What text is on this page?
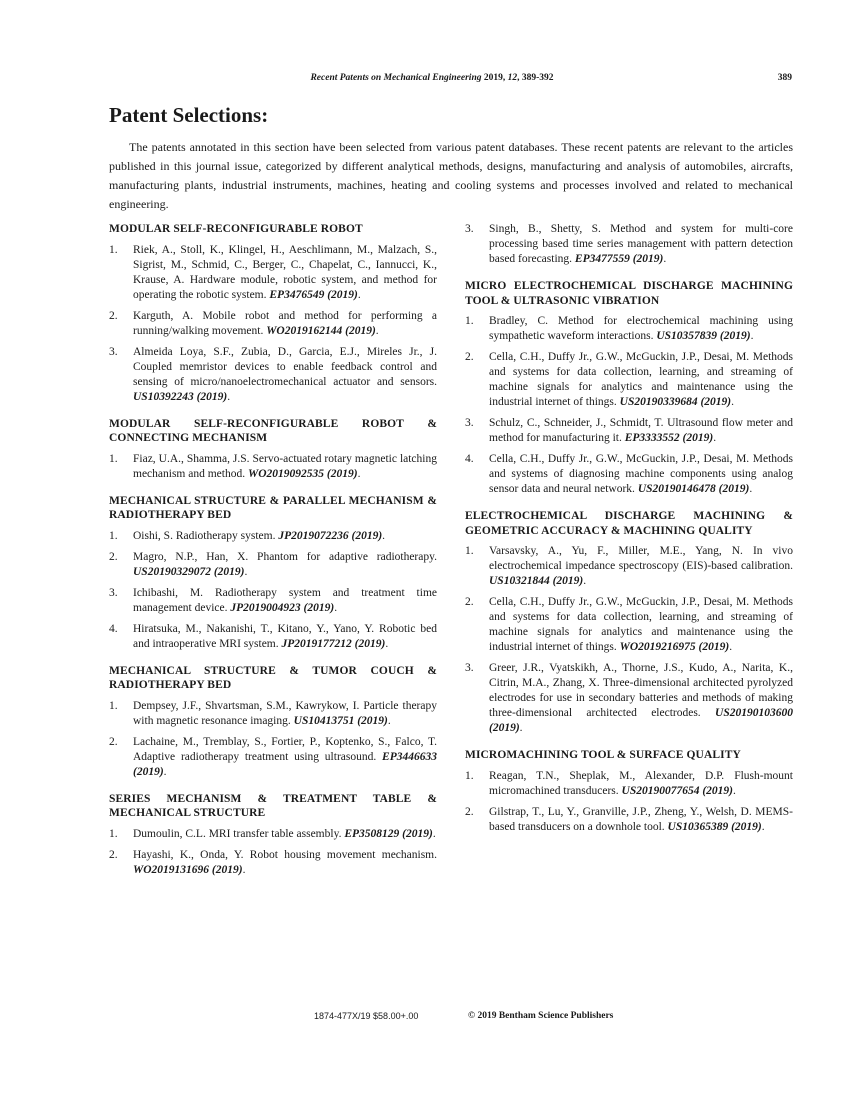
Recent Patents on Mechanical Engineering 2019, 12, 389-392	389
Patent Selections:

The patents annotated in this section have been selected from various patent databases. These recent patents are relevant to the articles published in this journal issue, categorized by different analytical methods, designs, manufacturing and analysis of automobiles, aircrafts, manufacturing plants, industrial instruments, machines, heating and cooling systems and processes involved and related to mechanical engineering.

MODULAR SELF-RECONFIGURABLE ROBOT
1.	Riek, A., Stoll, K., Klingel, H., Aeschlimann, M., Malzach, S., Sigrist, M., Schmid, C., Berger, C., Chapelat, C., Iannucci, K., Krause, A. Hardware module, robotic system, and method for operating the robotic system. EP3476549 (2019).
2.	Karguth, A. Mobile robot and method for performing a running/walking movement. WO2019162144 (2019).
3.	Almeida Loya, S.F., Zubia, D., Garcia, E.J., Mireles Jr., J. Coupled memristor devices to enable feedback control and sensing of micro/nanoelectromechanical actuator and sensors. US10392243 (2019).
MODULAR SELF-RECONFIGURABLE ROBOT & CONNECTING MECHANISM
1.	Fiaz, U.A., Shamma, J.S. Servo-actuated rotary magnetic latching mechanism and method. WO2019092535 (2019).
MECHANICAL STRUCTURE & PARALLEL MECHANISM & RADIOTHERAPY BED
1.	Oishi, S. Radiotherapy system. JP2019072236 (2019).
2.	Magro, N.P., Han, X. Phantom for adaptive radiotherapy. US20190329072 (2019).
3.	Ichibashi, M. Radiotherapy system and treatment time management device. JP2019004923 (2019).
4.	Hiratsuka, M., Nakanishi, T., Kitano, Y., Yano, Y. Robotic bed and intraoperative MRI system. JP2019177212 (2019).
MECHANICAL STRUCTURE & TUMOR COUCH & RADIOTHERAPY BED
1.	Dempsey, J.F., Shvartsman, S.M., Kawrykow, I. Particle therapy with magnetic resonance imaging. US10413751 (2019).
2.	Lachaine, M., Tremblay, S., Fortier, P., Koptenko, S., Falco, T. Adaptive radiotherapy treatment using ultrasound. EP3446633 (2019).
SERIES MECHANISM & TREATMENT TABLE & MECHANICAL STRUCTURE
1.	Dumoulin, C.L. MRI transfer table assembly. EP3508129 (2019).
2.	Hayashi, K., Onda, Y. Robot housing movement mechanism. WO2019131696 (2019).
3.	Singh, B., Shetty, S. Method and system for multi-core processing based time series management with pattern detection based forecasting. EP3477559 (2019).
MICRO ELECTROCHEMICAL DISCHARGE MACHINING TOOL & ULTRASONIC VIBRATION
1.	Bradley, C. Method for electrochemical machining using sympathetic waveform interactions. US10357839 (2019).
2.	Cella, C.H., Duffy Jr., G.W., McGuckin, J.P., Desai, M. Methods and systems for data collection, learning, and streaming of machine signals for analytics and maintenance using the industrial internet of things. US20190339684 (2019).
3.	Schulz, C., Schneider, J., Schmidt, T. Ultrasound flow meter and method for manufacturing it. EP3333552 (2019).
4.	Cella, C.H., Duffy Jr., G.W., McGuckin, J.P., Desai, M. Methods and systems of diagnosing machine components using analog sensor data and neural network. US20190146478 (2019).
ELECTROCHEMICAL DISCHARGE MACHINING & GEOMETRIC ACCURACY & MACHINING QUALITY
1.	Varsavsky, A., Yu, F., Miller, M.E., Yang, N. In vivo electrochemical impedance spectroscopy (EIS)-based calibration. US10321844 (2019).
2.	Cella, C.H., Duffy Jr., G.W., McGuckin, J.P., Desai, M. Methods and systems for data collection, learning, and streaming of machine signals for analytics and maintenance using the industrial internet of things. WO2019216975 (2019).
3.	Greer, J.R., Vyatskikh, A., Thorne, J.S., Kudo, A., Narita, K., Citrin, M.A., Zhang, X. Three-dimensional architected pyrolyzed electrodes for use in secondary batteries and methods of making three-dimensional architected electrodes. US20190103600 (2019).
MICROMACHINING TOOL & SURFACE QUALITY
1.	Reagan, T.N., Sheplak, M., Alexander, D.P. Flush-mount micromachined transducers. US20190077654 (2019).
2.	Gilstrap, T., Lu, Y., Granville, J.P., Zheng, Y., Welsh, D. MEMS-based transducers on a downhole tool. US10365389 (2019).
1874-477X/19 $58.00+.00	© 2019 Bentham Science Publishers
